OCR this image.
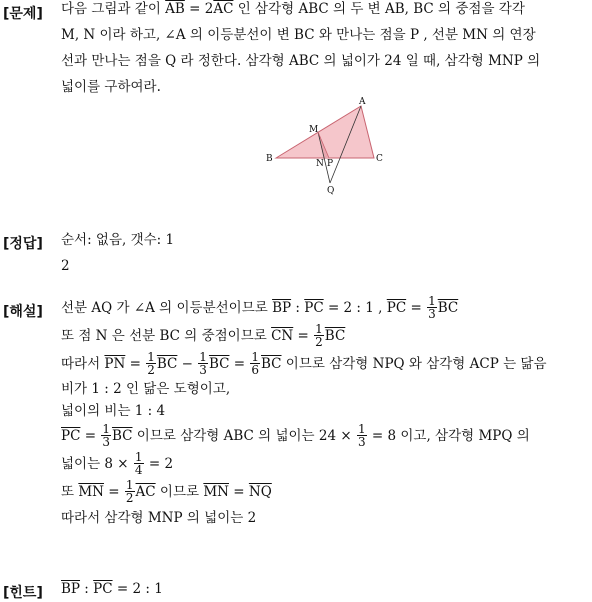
[문제] 다음 그림과 같이 $\overline{AB} = 2\overline{AC}$ 인 삼각형 ABC 의 두 변 AB, BC 의 중점을 각각
M, N 이라 하고, ∠A 의 이등분선이 변 BC 와 만나는 점을 P , 선분 MN 의 연장
선과 만나는 점을 Q 라 정한다. 삼각형 ABC 의 넓이가 24 일 때, 삼각형 MNP 의
넓이를 구하여라.
A
B	C
M
N P
Q
[정답] 순서: 없음, 갯수: 1
2
[해설] 선분 AQ 가 ∠A 의 이등분선이므로 $\overline{BP}$ : $\overline{PC} = 2$ : 1 , $\overline{PC} = \frac{1}{3} \overline{BC}$
또 점 N 은 선분 BC 의 중점이므로 $\overline{CN} = \frac{1}{2} \overline{BC}$
따라서 $\overline{PN} = \frac{1}{2} \overline{BC} - \frac{1}{3} \overline{BC} = \frac{1}{6} \overline{BC}$ 이므로 삼각형 NPQ 와 삼각형 ACP 는 닮음
비가 1 : 2 인 닮은 도형이고,
넓이의 비는 1 : 4
$\overline{PC} = \frac{1}{3} \overline{BC}$ 이므로 삼각형 ABC 의 넓이는 $24 \times \frac{1}{3} = 8$ 이고, 삼각형 MPQ 의
넓이는 $8 \times \frac{1}{4} = 2$
또 $\overline{MN} = \frac{1}{2} \overline{AC}$ 이므로 $\overline{MN} = \overline{NQ}$
따라서 삼각형 MNP 의 넓이는 2
[힌트] $\overline{BP}$ : $\overline{PC} = 2$ : 1
